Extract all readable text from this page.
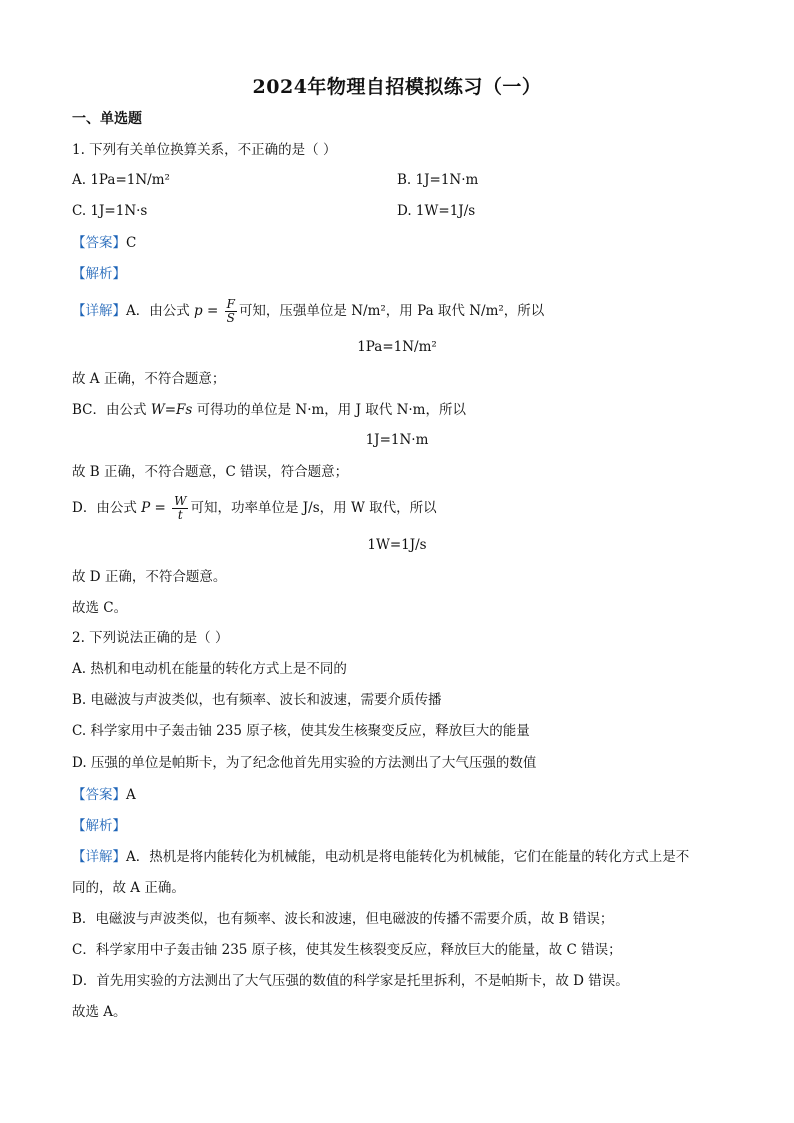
2024年物理自招模拟练习（一）
一、单选题
1. 下列有关单位换算关系，不正确的是（ ）
A. 1Pa=1N/m²	B. 1J=1N·m
C. 1J=1N·s	D. 1W=1J/s
【答案】C
【解析】
【详解】A．由公式 $p = \frac{F}{S}$ 可知，压强单位是 N/m²，用 Pa 取代 N/m²，所以
1Pa=1N/m²
故 A 正确，不符合题意；
BC．由公式 W=Fs 可得功的单位是 N·m，用 J 取代 N·m，所以
1J=1N·m
故 B 正确，不符合题意，C 错误，符合题意；
D．由公式 $P = \frac{W}{t}$ 可知，功率单位是 J/s，用 W 取代，所以
1W=1J/s
故 D 正确，不符合题意。
故选 C。
2. 下列说法正确的是（ ）
A. 热机和电动机在能量的转化方式上是不同的
B. 电磁波与声波类似，也有频率、波长和波速，需要介质传播
C. 科学家用中子轰击铀 235 原子核，使其发生核聚变反应，释放巨大的能量
D. 压强的单位是帕斯卡，为了纪念他首先用实验的方法测出了大气压强的数值
【答案】A
【解析】
【详解】A．热机是将内能转化为机械能，电动机是将电能转化为机械能，它们在能量的转化方式上是不
同的，故 A 正确。
B．电磁波与声波类似，也有频率、波长和波速，但电磁波的传播不需要介质，故 B 错误；
C．科学家用中子轰击铀 235 原子核，使其发生核裂变反应，释放巨大的能量，故 C 错误；
D．首先用实验的方法测出了大气压强的数值的科学家是托里拆利，不是帕斯卡，故 D 错误。
故选 A。
